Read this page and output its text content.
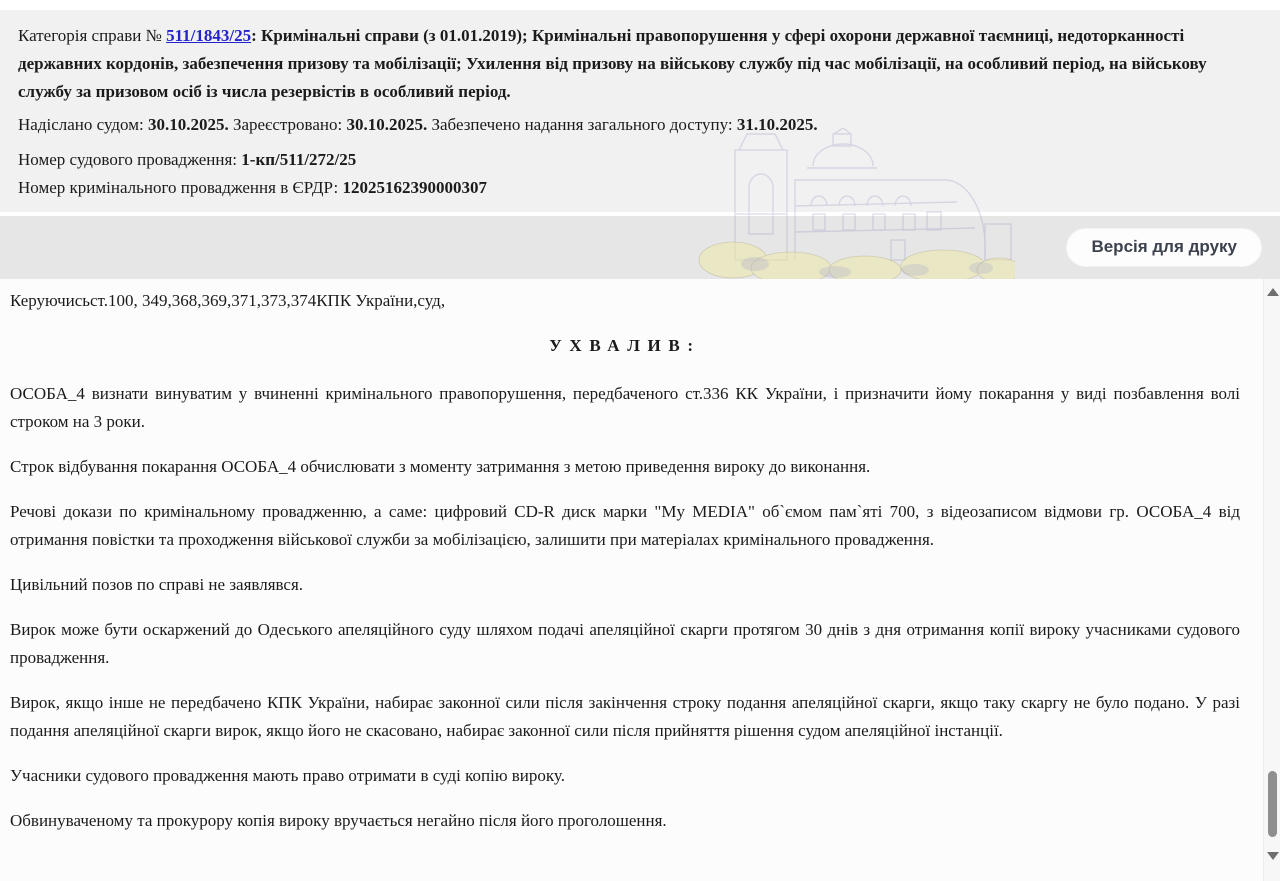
Категорія справи № 511/1843/25: Кримінальні справи (з 01.01.2019); Кримінальні правопорушення у сфері охорони державної таємниці, недоторканності державних кордонів, забезпечення призову та мобілізації; Ухилення від призову на військову службу під час мобілізації, на особливий період, на військову службу за призовом осіб із числа резервістів в особливий період.

Надіслано судом: 30.10.2025. Зареєстровано: 30.10.2025. Забезпечено надання загального доступу: 31.10.2025.

Номер судового провадження: 1-кп/511/272/25

Номер кримінального провадження в ЄРДР: 12025162390000307

Версія для друку

Керуючисьст.100, 349,368,369,371,373,374КПК України,суд,

УХВАЛИВ:

ОСОБА_4 визнати винуватим у вчиненні кримінального правопорушення, передбаченого ст.336 КК України, і призначити йому покарання у виді позбавлення волі строком на 3 роки.

Строк відбування покарання ОСОБА_4 обчислювати з моменту затримання з метою приведення вироку до виконання.

Речові докази по кримінальному провадженню, а саме: цифровий CD-R диск марки "My MEDIA" об`ємом пам`яті 700, з відеозаписом відмови гр. ОСОБА_4 від отримання повістки та проходження військової служби за мобілізацією, залишити при матеріалах кримінального провадження.

Цивільний позов по справі не заявлявся.

Вирок може бути оскаржений до Одеського апеляційного суду шляхом подачі апеляційної скарги протягом 30 днів з дня отримання копії вироку учасниками судового провадження.

Вирок, якщо інше не передбачено КПК України, набирає законної сили після закінчення строку подання апеляційної скарги, якщо таку скаргу не було подано. У разі подання апеляційної скарги вирок, якщо його не скасовано, набирає законної сили після прийняття рішення судом апеляційної інстанції.

Учасники судового провадження мають право отримати в суді копію вироку.

Обвинуваченому та прокурору копія вироку вручається негайно після його проголошення.
